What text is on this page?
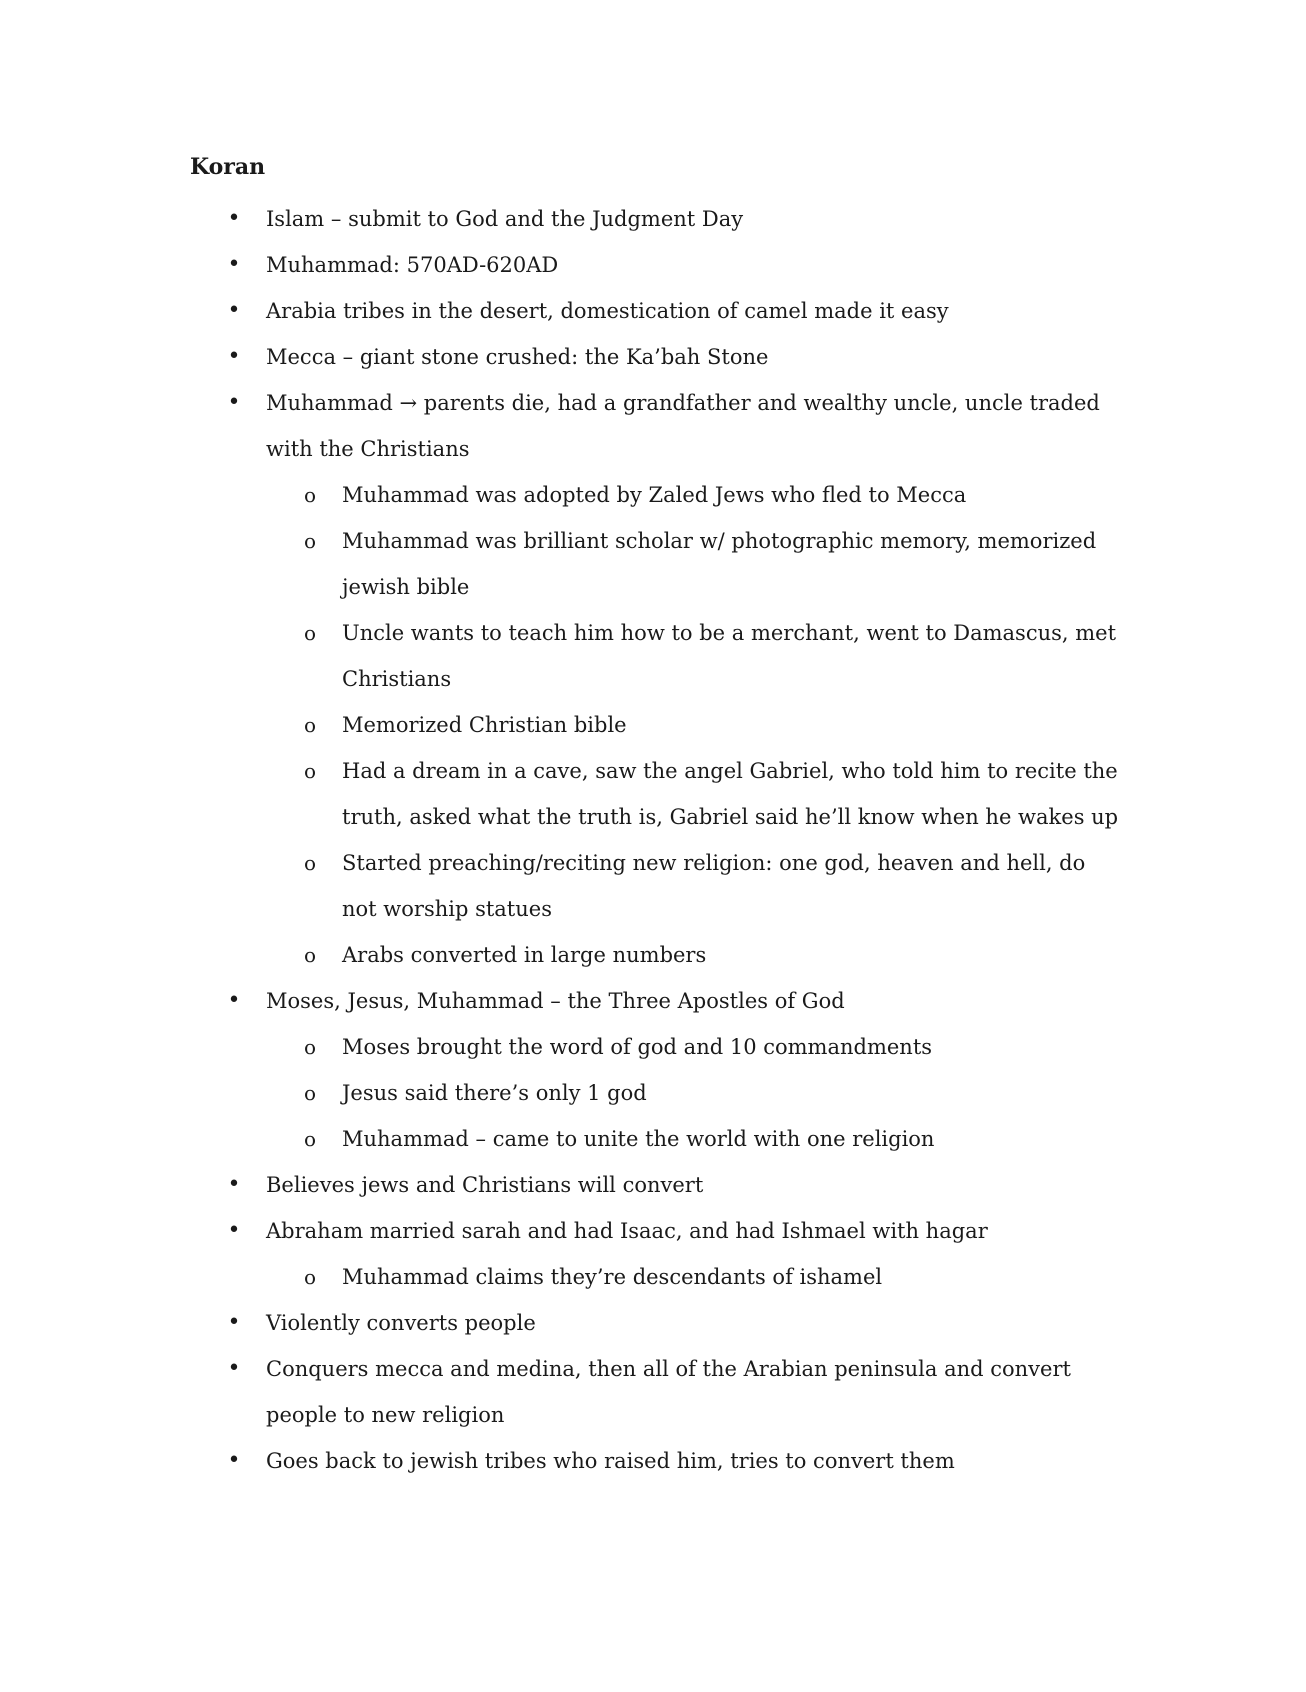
Koran
• Islam – submit to God and the Judgment Day
• Muhammad: 570AD-620AD
• Arabia tribes in the desert, domestication of camel made it easy
• Mecca – giant stone crushed: the Ka’bah Stone
• Muhammad → parents die, had a grandfather and wealthy uncle, uncle traded with the Christians
o Muhammad was adopted by Zaled Jews who fled to Mecca
o Muhammad was brilliant scholar w/ photographic memory, memorized jewish bible
o Uncle wants to teach him how to be a merchant, went to Damascus, met Christians
o Memorized Christian bible
o Had a dream in a cave, saw the angel Gabriel, who told him to recite the truth, asked what the truth is, Gabriel said he’ll know when he wakes up
o Started preaching/reciting new religion: one god, heaven and hell, do not worship statues
o Arabs converted in large numbers
• Moses, Jesus, Muhammad – the Three Apostles of God
o Moses brought the word of god and 10 commandments
o Jesus said there’s only 1 god
o Muhammad – came to unite the world with one religion
• Believes jews and Christians will convert
• Abraham married sarah and had Isaac, and had Ishmael with hagar
o Muhammad claims they’re descendants of ishamel
• Violently converts people
• Conquers mecca and medina, then all of the Arabian peninsula and convert people to new religion
• Goes back to jewish tribes who raised him, tries to convert them
